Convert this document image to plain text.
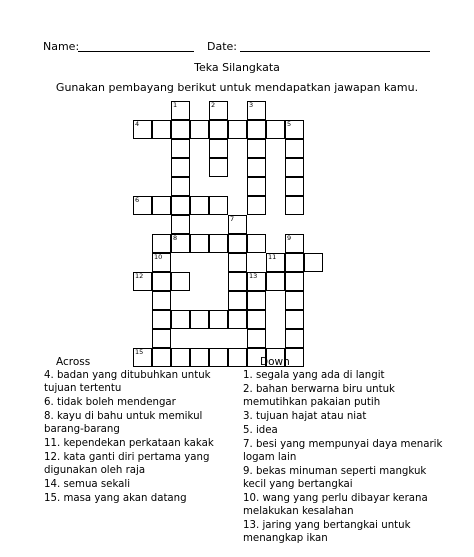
Name:	Date:
Teka Silangkata
Gunakan pembayang berikut untuk mendapatkan jawapan kamu.
1	2	3
4	5
6
7
8	9
10	11
12	13
15
Across
4. badan yang ditubuhkan untuk tujuan tertentu
6. tidak boleh mendengar
8. kayu di bahu untuk memikul barang-barang
11. kependekan perkataan kakak
12. kata ganti diri pertama yang digunakan oleh raja
14. semua sekali
15. masa yang akan datang
Down
1. segala yang ada di langit
2. bahan berwarna biru untuk memutihkan pakaian putih
3. tujuan hajat atau niat
5. idea
7. besi yang mempunyai daya menarik logam lain
9. bekas minuman seperti mangkuk kecil yang bertangkai
10. wang yang perlu dibayar kerana melakukan kesalahan
13. jaring yang bertangkai untuk menangkap ikan
